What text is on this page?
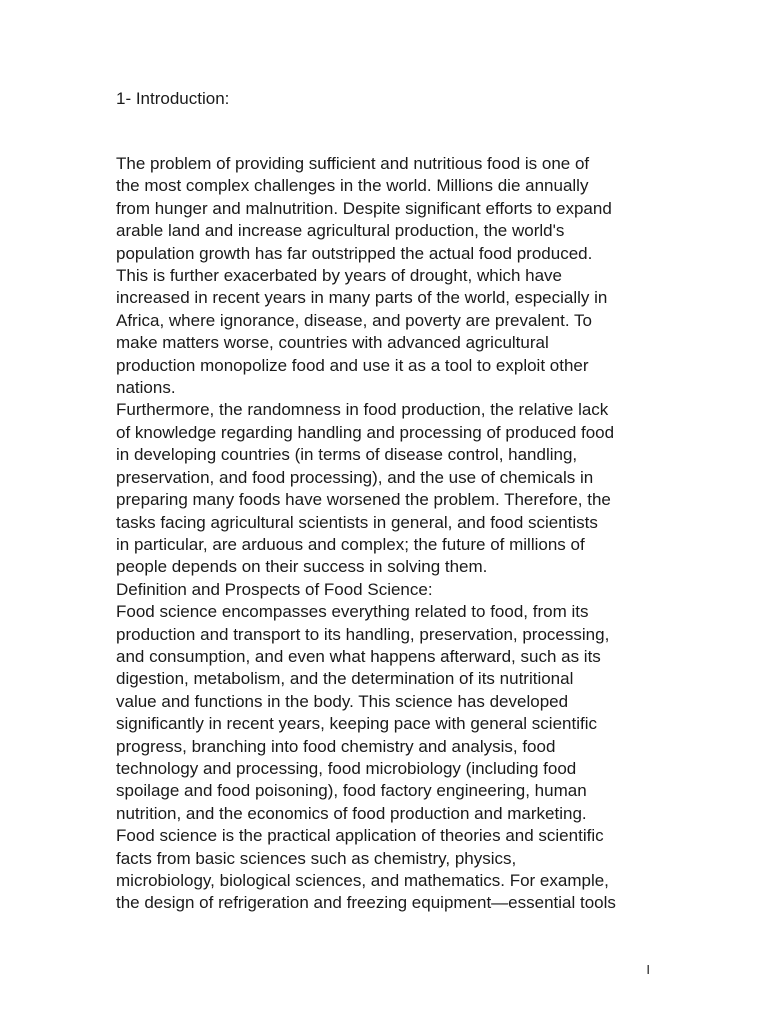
1- Introduction:
The problem of providing sufficient and nutritious food is one of
the most complex challenges in the world. Millions die annually
from hunger and malnutrition. Despite significant efforts to expand
arable land and increase agricultural production, the world's
population growth has far outstripped the actual food produced.
This is further exacerbated by years of drought, which have
increased in recent years in many parts of the world, especially in
Africa, where ignorance, disease, and poverty are prevalent. To
make matters worse, countries with advanced agricultural
production monopolize food and use it as a tool to exploit other
nations.
Furthermore, the randomness in food production, the relative lack
of knowledge regarding handling and processing of produced food
in developing countries (in terms of disease control, handling,
preservation, and food processing), and the use of chemicals in
preparing many foods have worsened the problem. Therefore, the
tasks facing agricultural scientists in general, and food scientists
in particular, are arduous and complex; the future of millions of
people depends on their success in solving them.
Definition and Prospects of Food Science:
Food science encompasses everything related to food, from its
production and transport to its handling, preservation, processing,
and consumption, and even what happens afterward, such as its
digestion, metabolism, and the determination of its nutritional
value and functions in the body. This science has developed
significantly in recent years, keeping pace with general scientific
progress, branching into food chemistry and analysis, food
technology and processing, food microbiology (including food
spoilage and food poisoning), food factory engineering, human
nutrition, and the economics of food production and marketing.
Food science is the practical application of theories and scientific
facts from basic sciences such as chemistry, physics,
microbiology, biological sciences, and mathematics. For example,
the design of refrigeration and freezing equipment—essential tools
I
